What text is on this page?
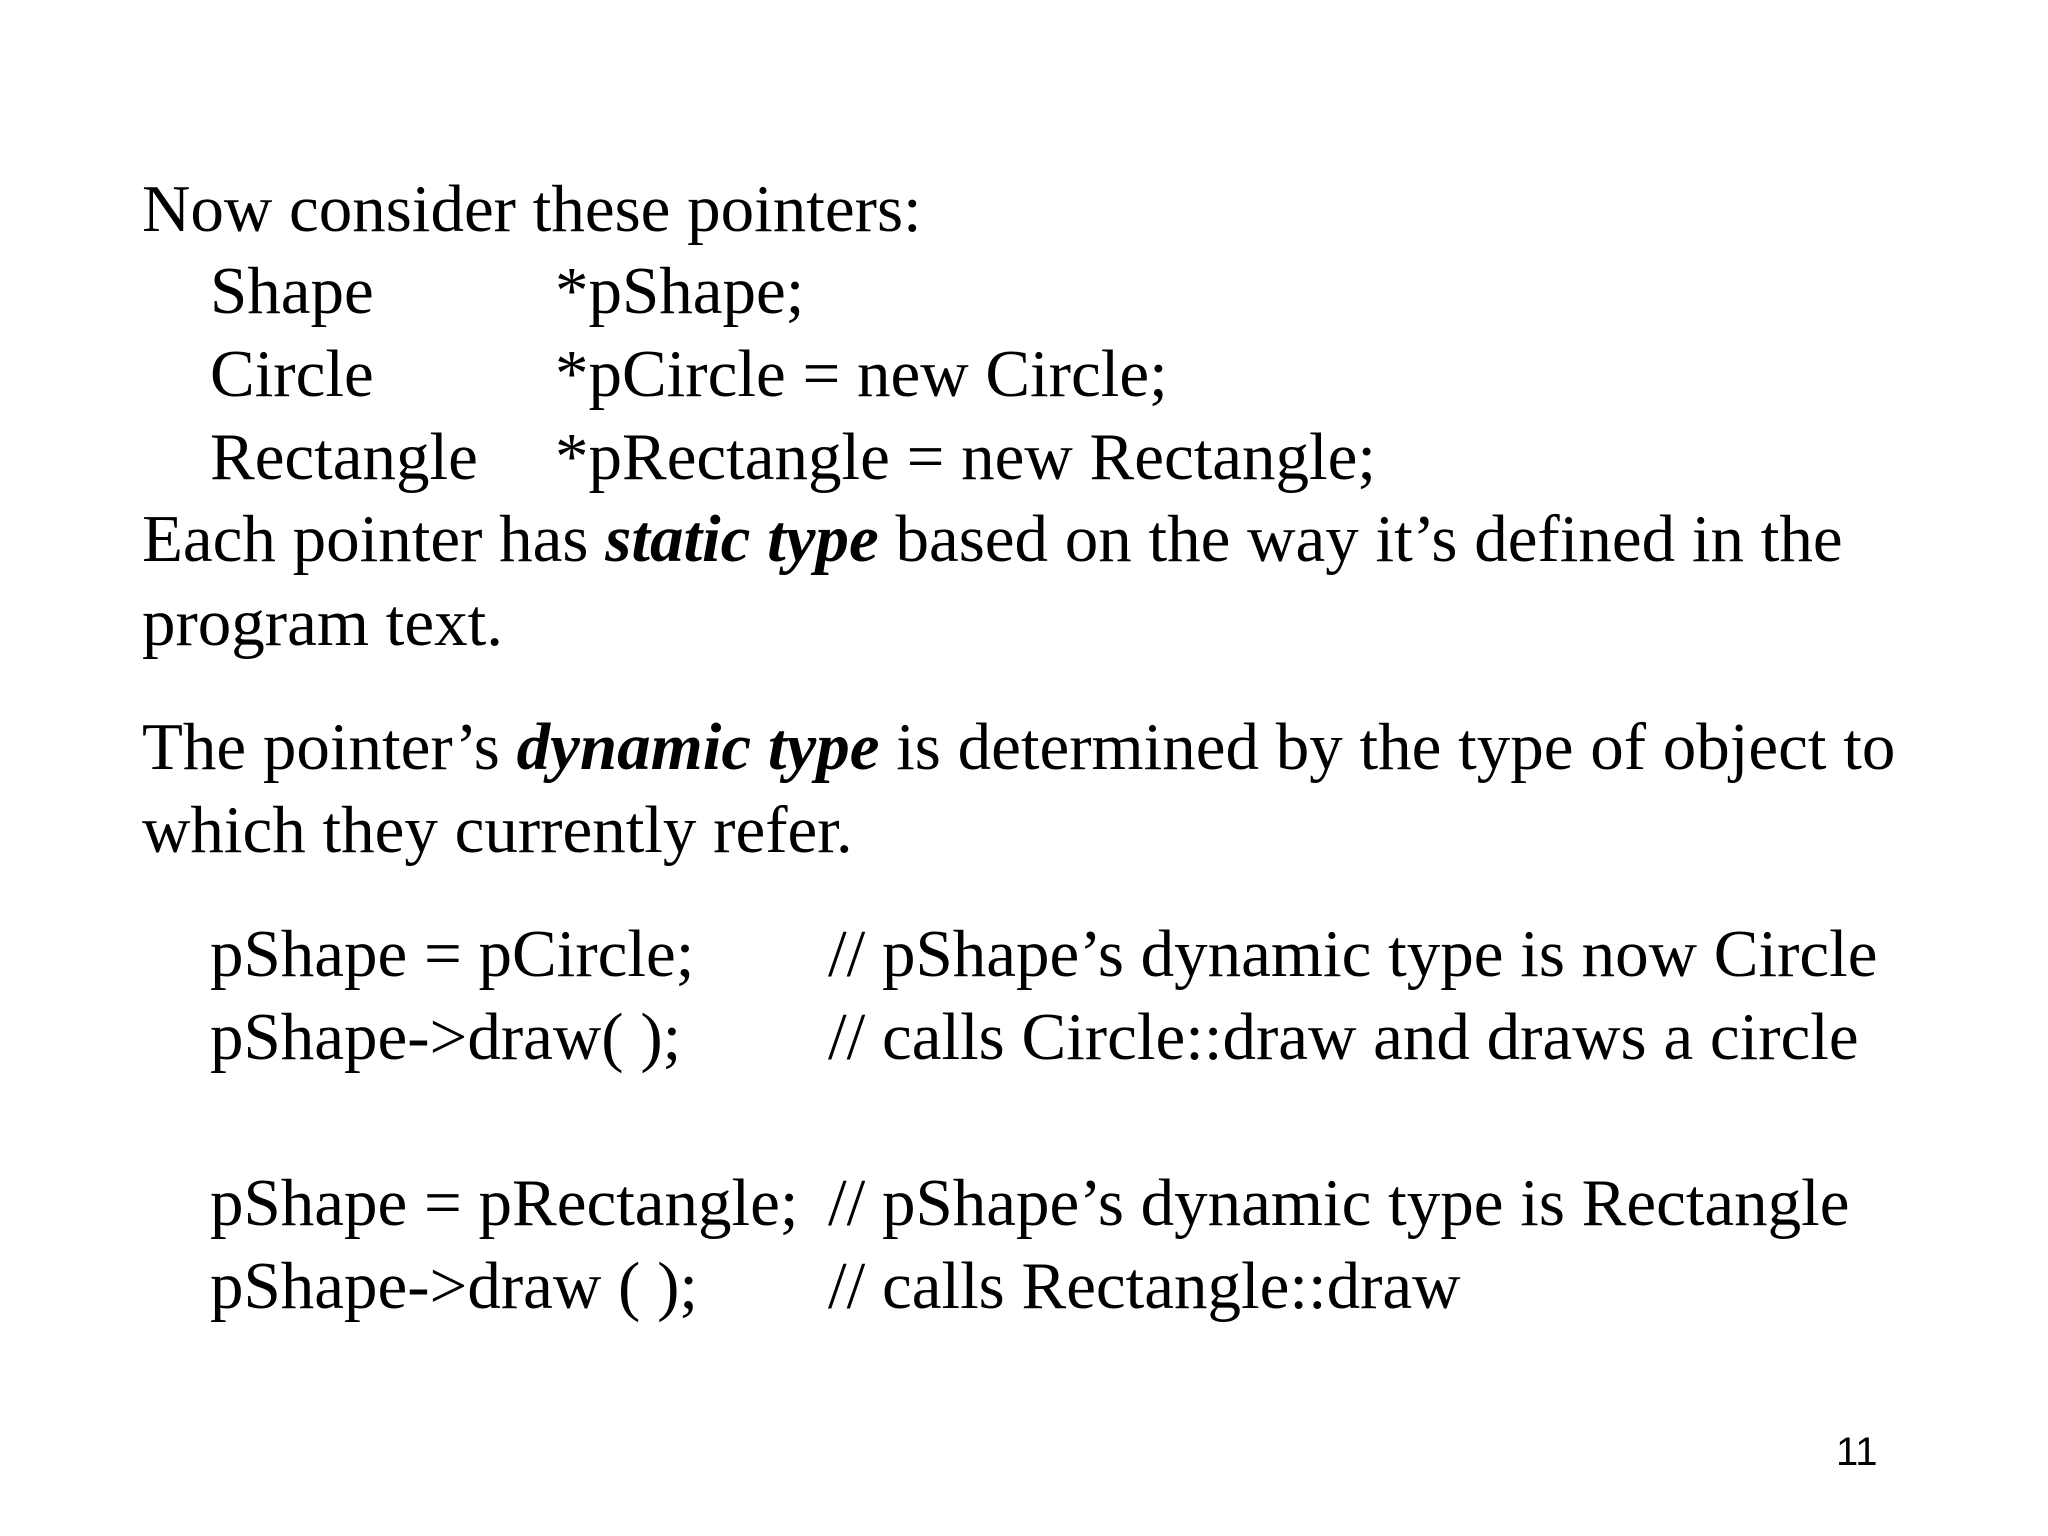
Now consider these pointers:
Shape	*pShape;
Circle	*pCircle = new Circle;
Rectangle *pRectangle = new Rectangle;
Each pointer has static type based on the way it’s defined in the
program text.
The pointer’s dynamic type is determined by the type of object to
which they currently refer.
pShape = pCircle; // pShape’s dynamic type is now Circle
pShape->draw( ); // calls Circle::draw and draws a circle
pShape = pRectangle; // pShape’s dynamic type is Rectangle
pShape->draw ( ); // calls Rectangle::draw
11
